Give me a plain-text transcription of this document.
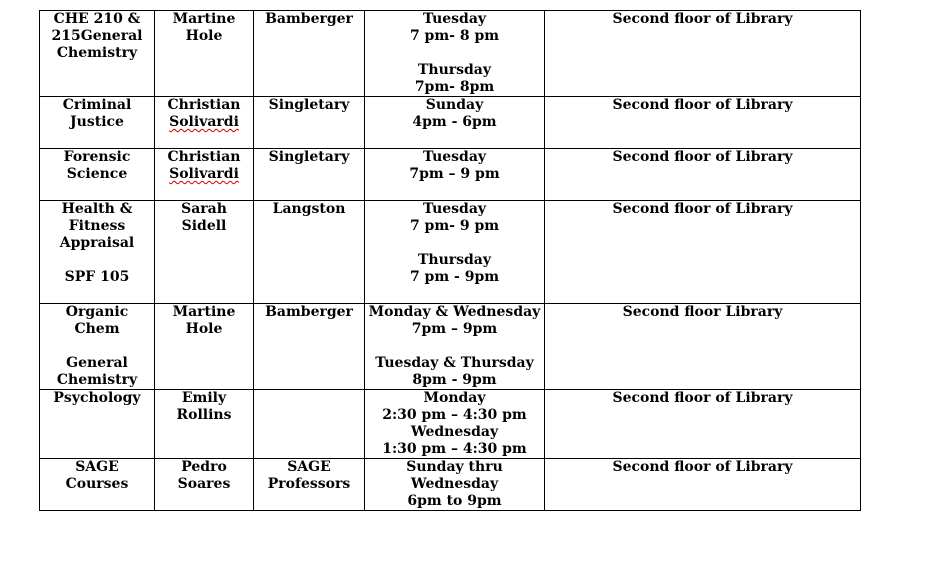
CHE 210 &
215General
Chemistry	Martine
Hole	Bamberger	Tuesday
7 pm- 8 pm
Thursday
7pm- 8pm	Second floor of Library

Criminal
Justice	Christian
Solivardi	Singletary	Sunday
4pm - 6pm	Second floor of Library

Forensic
Science	Christian
Solivardi	Singletary	Tuesday
7pm – 9 pm	Second floor of Library

Health &
Fitness
Appraisal
SPF 105	Sarah
Sidell	Langston	Tuesday
7 pm- 9 pm
Thursday
7 pm - 9pm	Second floor of Library

Organic
Chem
General
Chemistry	Martine
Hole	Bamberger	Monday & Wednesday
7pm – 9pm
Tuesday & Thursday
8pm - 9pm	Second floor Library

Psychology	Emily
Rollins		Monday
2:30 pm – 4:30 pm
Wednesday
1:30 pm – 4:30 pm	Second floor of Library

SAGE
Courses	Pedro
Soares	SAGE Professors	Sunday thru
Wednesday
6pm to 9pm	Second floor of Library
